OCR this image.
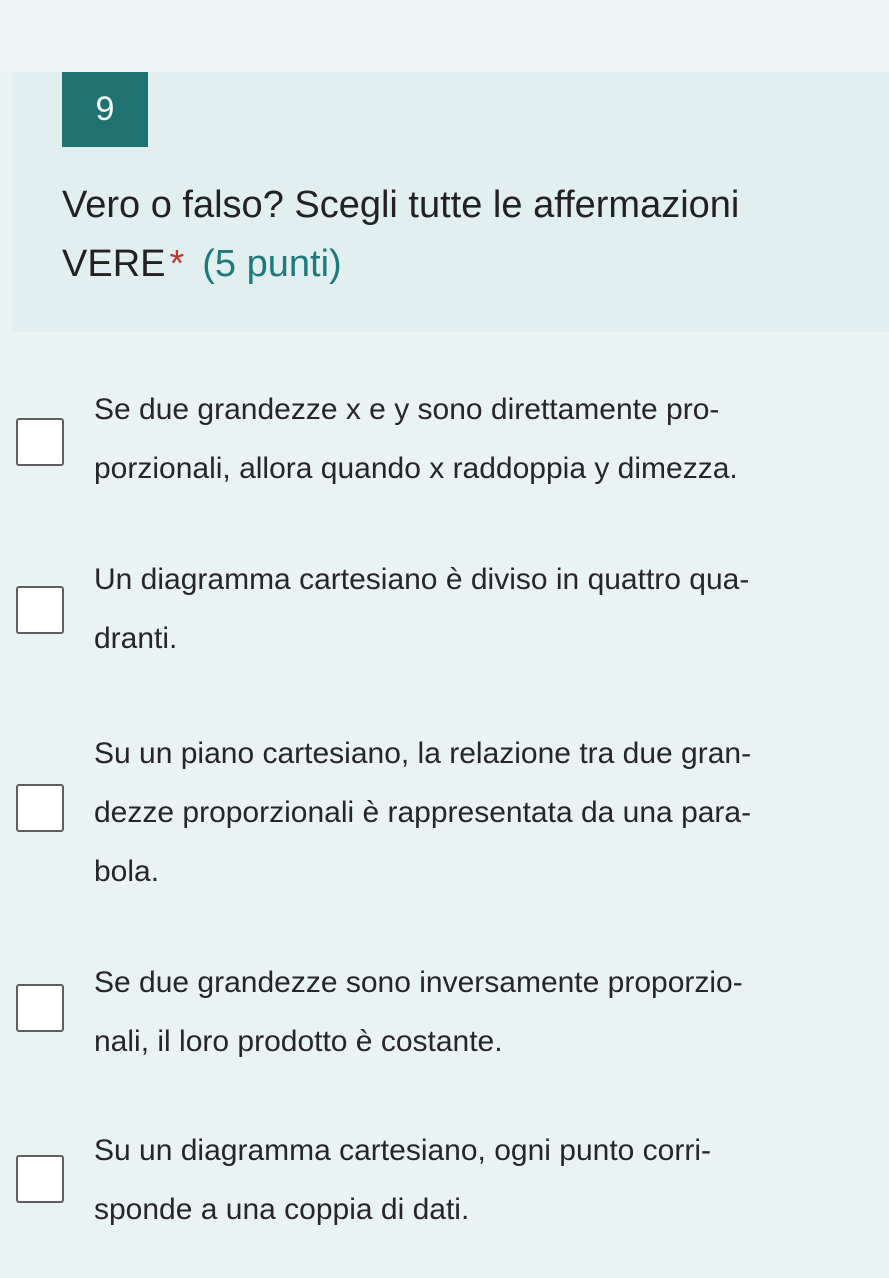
9
Vero o falso? Scegli tutte le affermazioni VERE * (5 punti)
Se due grandezze x e y sono direttamente pro-
porzionali, allora quando x raddoppia y dimezza.
Un diagramma cartesiano è diviso in quattro qua-
dranti.
Su un piano cartesiano, la relazione tra due gran-
dezze proporzionali è rappresentata da una para-
bola.
Se due grandezze sono inversamente proporzio-
nali, il loro prodotto è costante.
Su un diagramma cartesiano, ogni punto corri-
sponde a una coppia di dati.
